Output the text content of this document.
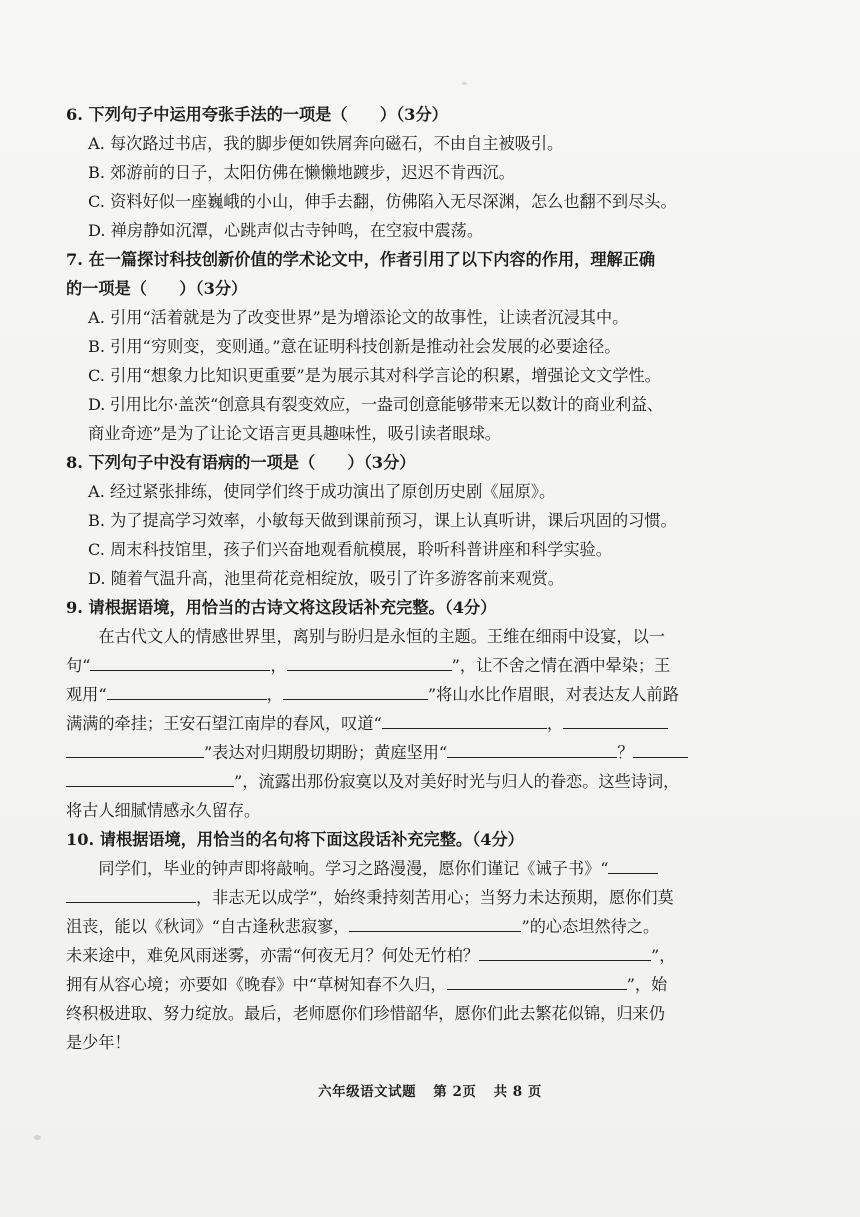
6. 下列句子中运用夸张手法的一项是（　　）（3分）

A. 每次路过书店，我的脚步便如铁屑奔向磁石，不由自主被吸引。

B. 郊游前的日子，太阳仿佛在懒懒地踱步，迟迟不肯西沉。

C. 资料好似一座巍峨的小山，伸手去翻，仿佛陷入无尽深渊，怎么也翻不到尽头。

D. 禅房静如沉潭，心跳声似古寺钟鸣，在空寂中震荡。

7. 在一篇探讨科技创新价值的学术论文中，作者引用了以下内容的作用，理解正确

的一项是（　　）（3分）

A. 引用“活着就是为了改变世界”是为增添论文的故事性，让读者沉浸其中。

B. 引用“穷则变，变则通。”意在证明科技创新是推动社会发展的必要途径。

C. 引用“想象力比知识更重要”是为展示其对科学言论的积累，增强论文文学性。

D. 引用比尔·盖茨“创意具有裂变效应，一盎司创意能够带来无以数计的商业利益、

商业奇迹”是为了让论文语言更具趣味性，吸引读者眼球。

8. 下列句子中没有语病的一项是（　　）（3分）

A. 经过紧张排练，使同学们终于成功演出了原创历史剧《屈原》。

B. 为了提高学习效率，小敏每天做到课前预习，课上认真听讲，课后巩固的习惯。

C. 周末科技馆里，孩子们兴奋地观看航模展，聆听科普讲座和科学实验。

D. 随着气温升高，池里荷花竞相绽放，吸引了许多游客前来观赏。

9. 请根据语境，用恰当的古诗文将这段话补充完整。（4分）

在古代文人的情感世界里，离别与盼归是永恒的主题。王维在细雨中设宴，以一

句“	，	”，让不舍之情在酒中晕染；王

观用“	，	”将山水比作眉眼，对表达友人前路

满满的牵挂；王安石望江南岸的春风，叹道“	，

”表达对归期殷切期盼；黄庭坚用“	？

”，流露出那份寂寞以及对美好时光与归人的眷恋。这些诗词，

将古人细腻情感永久留存。

10. 请根据语境，用恰当的名句将下面这段话补充完整。（4分）

同学们，毕业的钟声即将敲响。学习之路漫漫，愿你们谨记《诫子书》“

，非志无以成学”，始终秉持刻苦用心；当努力未达预期，愿你们莫

沮丧，能以《秋词》“自古逢秋悲寂寥，	”的心态坦然待之。

未来途中，难免风雨迷雾，亦需“何夜无月？何处无竹柏？	”，

拥有从容心境；亦要如《晚春》中“草树知春不久归，	”，始

终积极进取、努力绽放。最后，老师愿你们珍惜韶华，愿你们此去繁花似锦，归来仍

是少年！

六年级语文试题 第 2页 共 8 页
